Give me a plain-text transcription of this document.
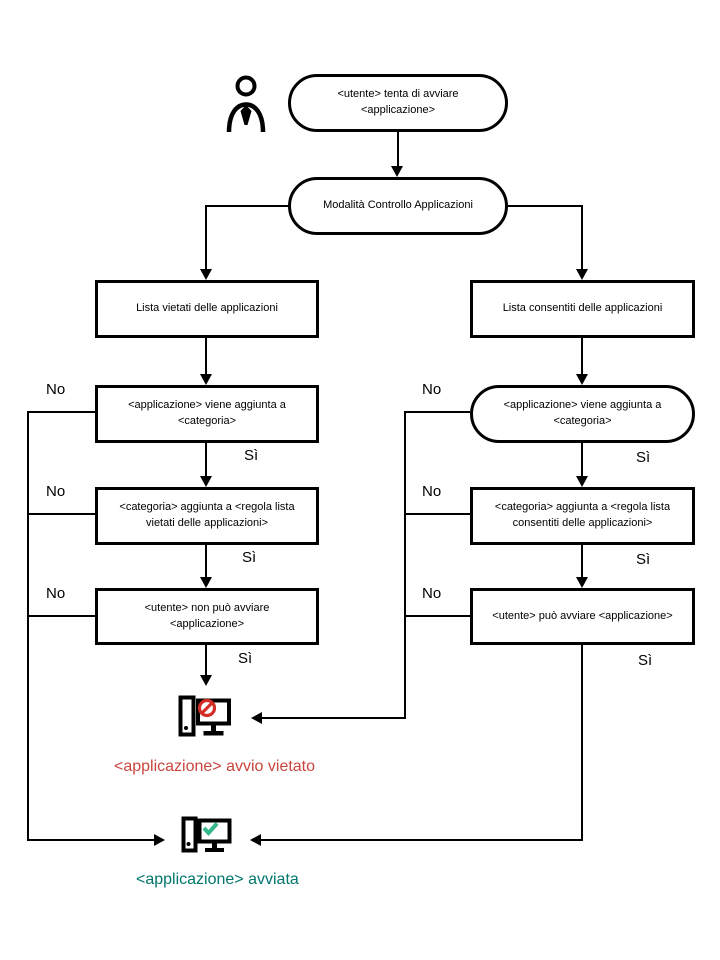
<utente> tenta di avviare <applicazione>
Modalità Controllo Applicazioni
Lista vietati delle applicazioni	Lista consentiti delle applicazioni
<applicazione> viene aggiunta a <categoria>
<applicazione> viene aggiunta a <categoria>
<categoria> aggiunta a <regola lista vietati delle applicazioni>
<categoria> aggiunta a <regola lista consentiti delle applicazioni>
<utente> non può avviare <applicazione>
<utente> può avviare <applicazione>
No
No
No
No
No
No
Sì
Sì
Sì
Sì
Sì
Sì
<applicazione> avvio vietato
<applicazione> avviata
